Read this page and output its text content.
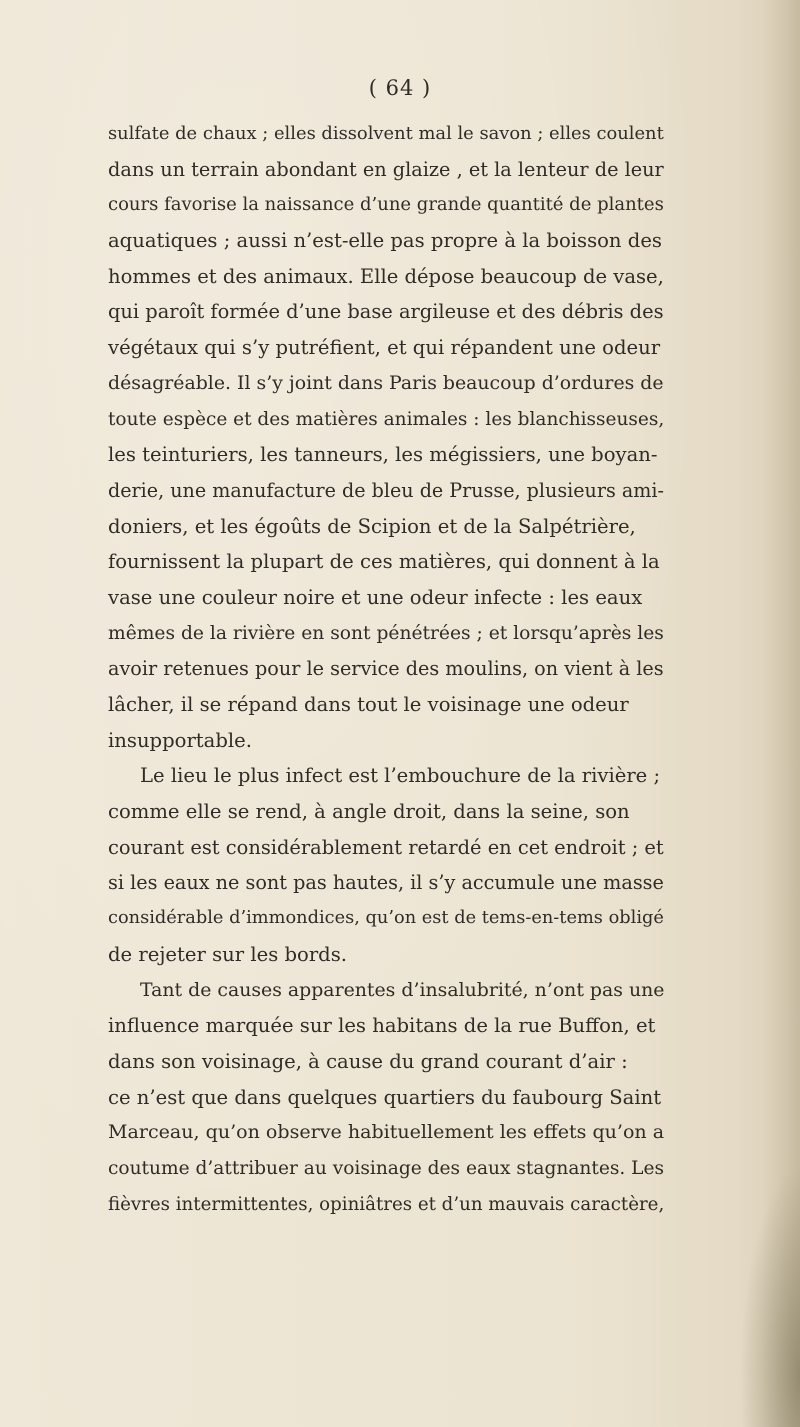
( 64 )

sulfate de chaux ; elles dissolvent mal le savon ; elles coulent
dans un terrain abondant en glaize , et la lenteur de leur
cours favorise la naissance d’une grande quantité de plantes
aquatiques ; aussi n’est-elle pas propre à la boisson des
hommes et des animaux. Elle dépose beaucoup de vase,
qui paroît formée d’une base argileuse et des débris des
végétaux qui s’y putréfient, et qui répandent une odeur
désagréable. Il s’y joint dans Paris beaucoup d’ordures de
toute espèce et des matières animales : les blanchisseuses,
les teinturiers, les tanneurs, les mégissiers, une boyan-
derie, une manufacture de bleu de Prusse, plusieurs ami-
doniers, et les égoûts de Scipion et de la Salpétrière,
fournissent la plupart de ces matières, qui donnent à la
vase une couleur noire et une odeur infecte : les eaux
mêmes de la rivière en sont pénétrées ; et lorsqu’après les
avoir retenues pour le service des moulins, on vient à les
lâcher, il se répand dans tout le voisinage une odeur
insupportable.
Le lieu le plus infect est l’embouchure de la rivière ;
comme elle se rend, à angle droit, dans la seine, son
courant est considérablement retardé en cet endroit ; et
si les eaux ne sont pas hautes, il s’y accumule une masse
considérable d’immondices, qu’on est de tems-en-tems obligé
de rejeter sur les bords.
Tant de causes apparentes d’insalubrité, n’ont pas une
influence marquée sur les habitans de la rue Buffon, et
dans son voisinage, à cause du grand courant d’air :
ce n’est que dans quelques quartiers du faubourg Saint
Marceau, qu’on observe habituellement les effets qu’on a
coutume d’attribuer au voisinage des eaux stagnantes. Les
fièvres intermittentes, opiniâtres et d’un mauvais caractère,
